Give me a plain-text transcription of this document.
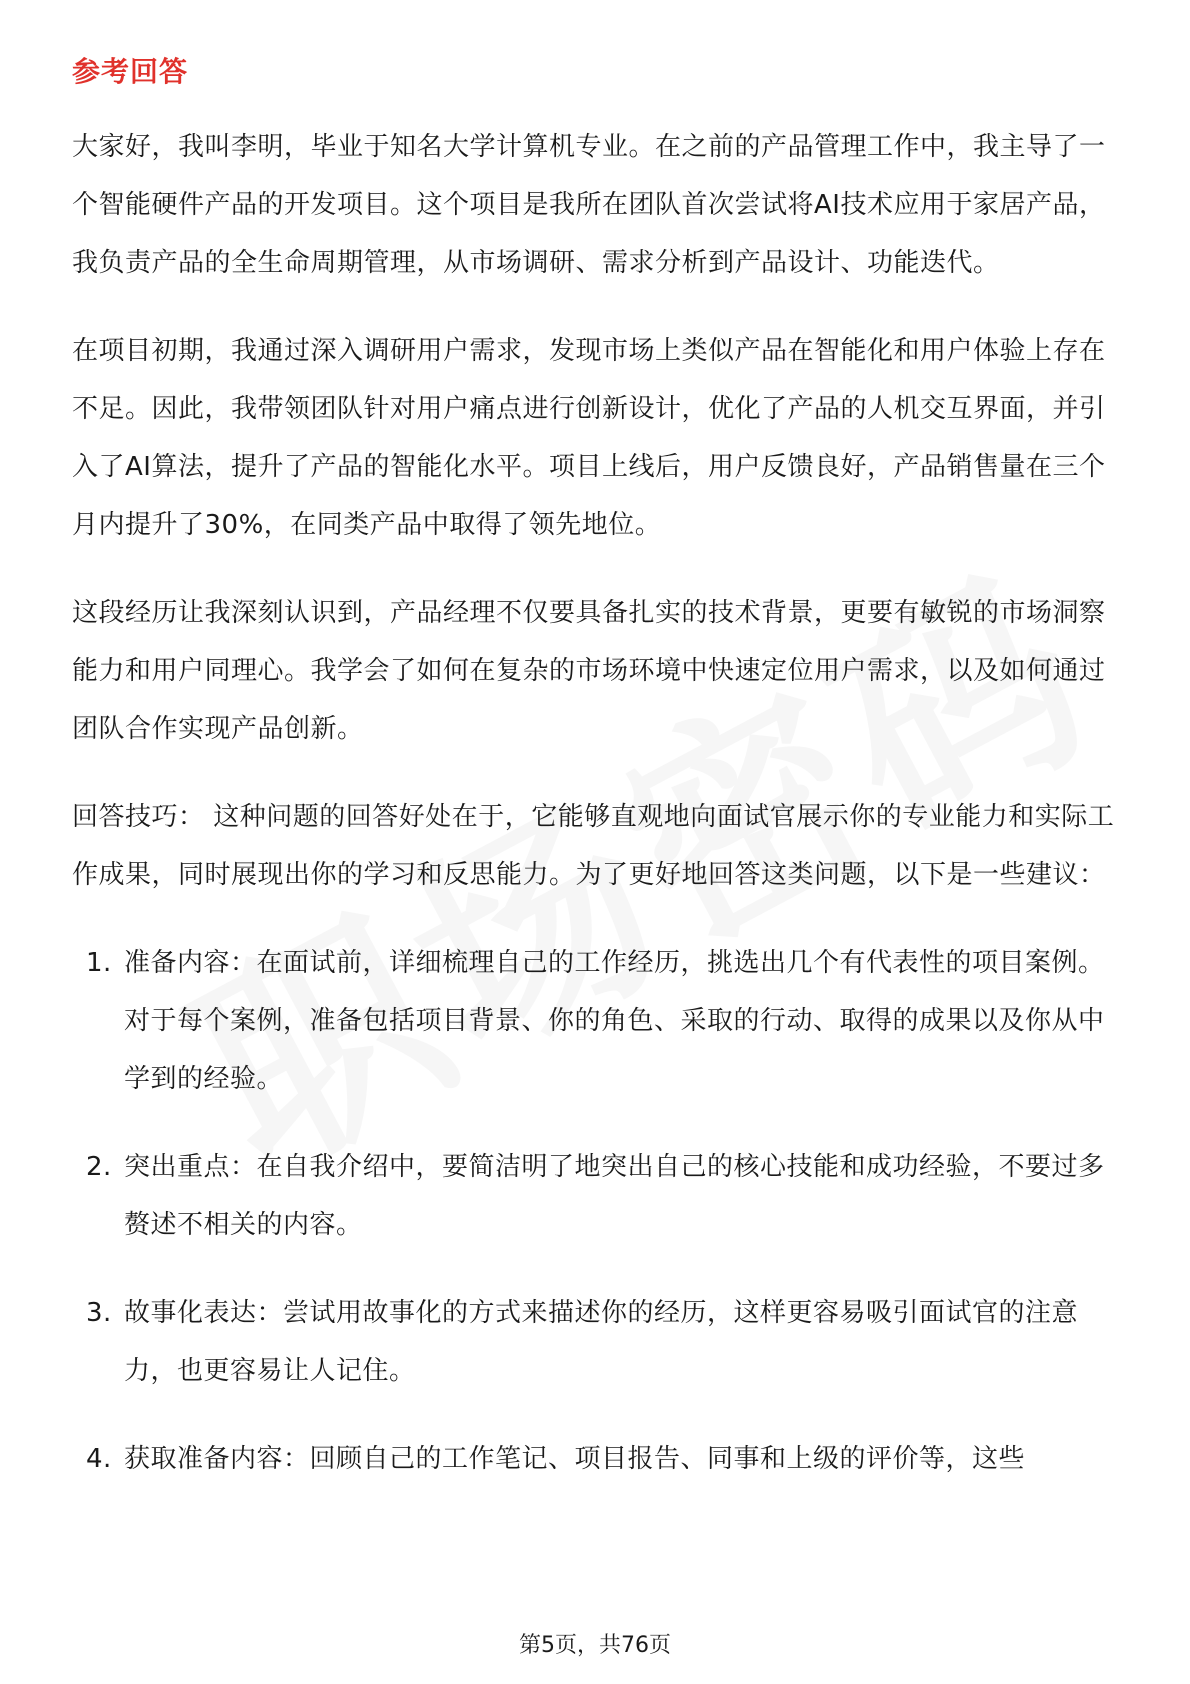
参考回答

大家好，我叫李明，毕业于知名大学计算机专业。在之前的产品管理工作中，我主导了一个智能硬件产品的开发项目。这个项目是我所在团队首次尝试将AI技术应用于家居产品，我负责产品的全生命周期管理，从市场调研、需求分析到产品设计、功能迭代。

在项目初期，我通过深入调研用户需求，发现市场上类似产品在智能化和用户体验上存在不足。因此，我带领团队针对用户痛点进行创新设计，优化了产品的人机交互界面，并引入了AI算法，提升了产品的智能化水平。项目上线后，用户反馈良好，产品销售量在三个月内提升了30%，在同类产品中取得了领先地位。

这段经历让我深刻认识到，产品经理不仅要具备扎实的技术背景，更要有敏锐的市场洞察能力和用户同理心。我学会了如何在复杂的市场环境中快速定位用户需求，以及如何通过团队合作实现产品创新。

回答技巧： 这种问题的回答好处在于，它能够直观地向面试官展示你的专业能力和实际工作成果，同时展现出你的学习和反思能力。为了更好地回答这类问题，以下是一些建议：

1. 准备内容：在面试前，详细梳理自己的工作经历，挑选出几个有代表性的项目案例。对于每个案例，准备包括项目背景、你的角色、采取的行动、取得的成果以及你从中学到的经验。
2. 突出重点：在自我介绍中，要简洁明了地突出自己的核心技能和成功经验，不要过多赘述不相关的内容。
3. 故事化表达：尝试用故事化的方式来描述你的经历，这样更容易吸引面试官的注意力，也更容易让人记住。
4. 获取准备内容：回顾自己的工作笔记、项目报告、同事和上级的评价等，这些
第5页，共76页
